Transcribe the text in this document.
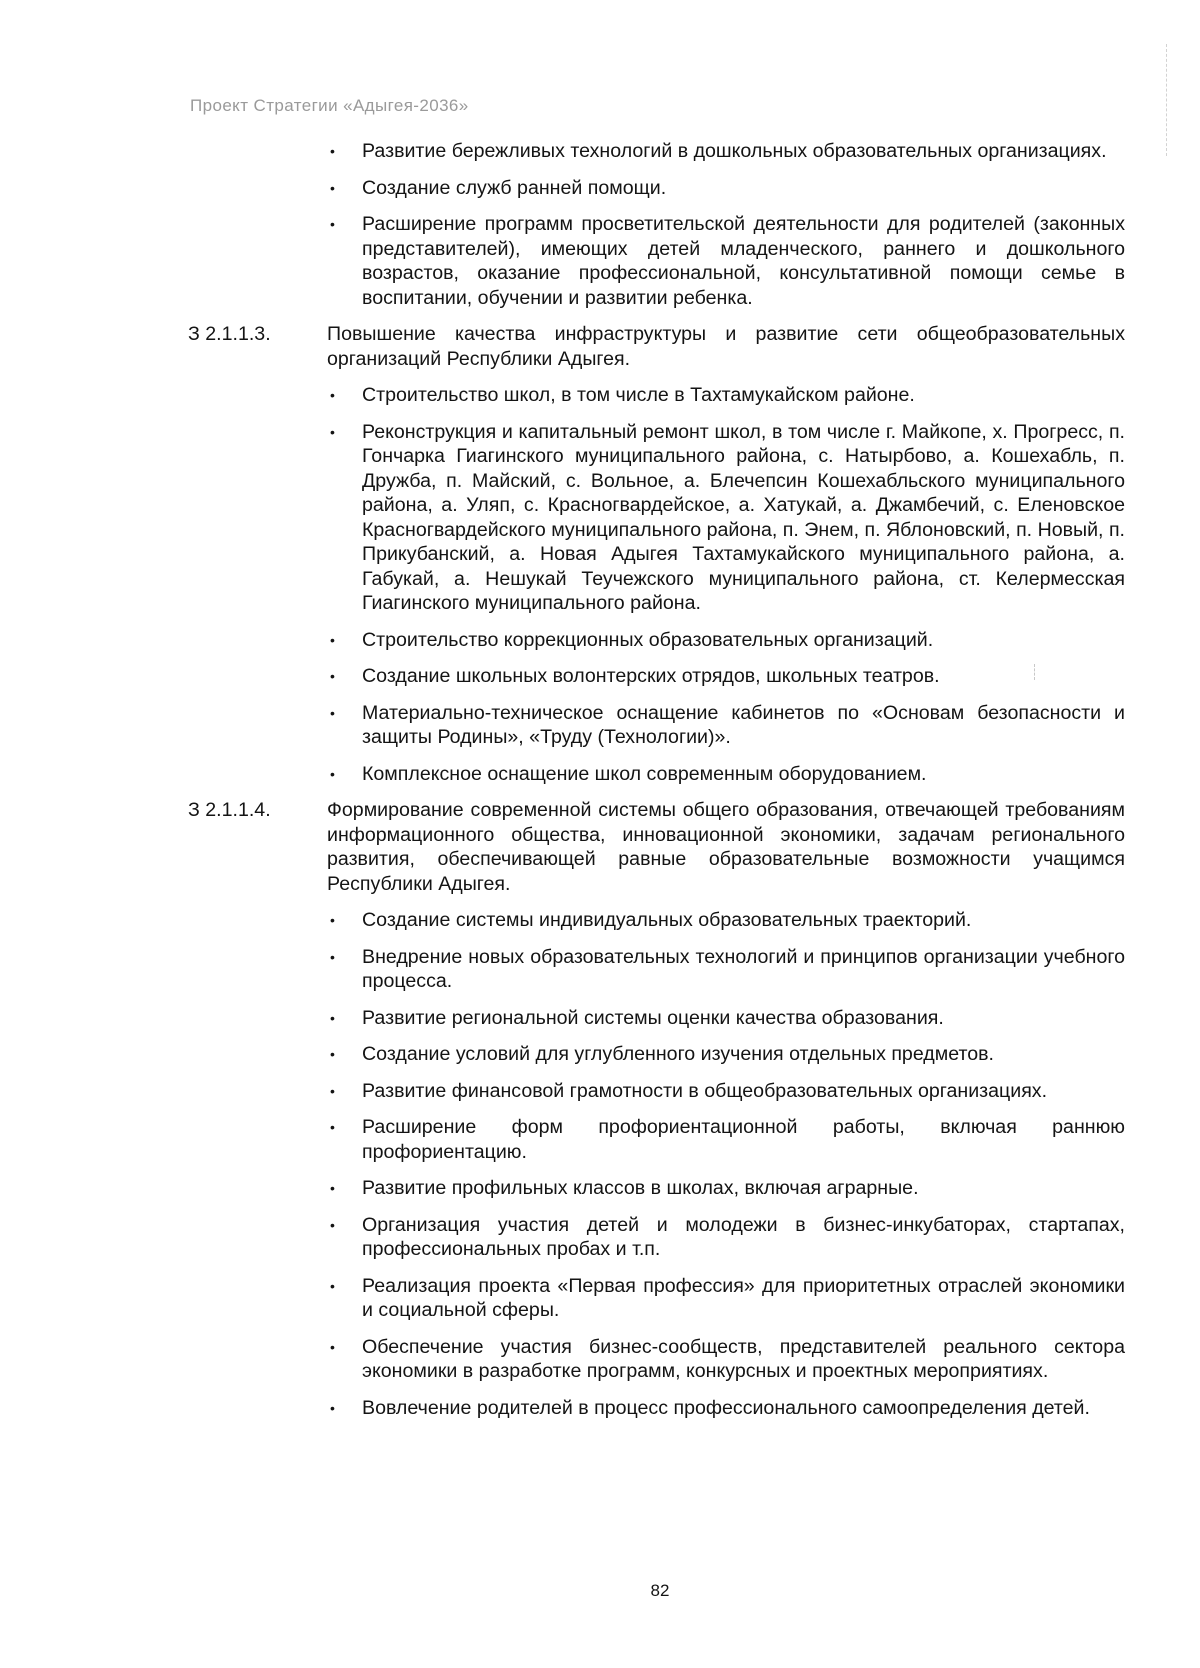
Проект Стратегии «Адыгея-2036»
•	Развитие бережливых технологий в дошкольных образовательных организациях.
•	Создание служб ранней помощи.
•	Расширение программ просветительской деятельности для родителей (законных представителей), имеющих детей младенческого, раннего и дошкольного возрастов, оказание профессиональной, консультативной помощи семье в воспитании, обучении и развитии ребенка.
З 2.1.1.3.	Повышение качества инфраструктуры и развитие сети общеобразовательных организаций Республики Адыгея.
•	Строительство школ, в том числе в Тахтамукайском районе.
•	Реконструкция и капитальный ремонт школ, в том числе г. Майкопе, х. Прогресс, п. Гончарка Гиагинского муниципального района, с. Натырбово, а. Кошехабль, п. Дружба, п. Майский, с. Вольное, а. Блечепсин Кошехабльского муниципального района, а. Уляп, с. Красногвардейское, а. Хатукай, а. Джамбечий, с. Еленовское Красногвардейского муниципального района, п. Энем, п. Яблоновский, п. Новый, п. Прикубанский, а. Новая Адыгея Тахтамукайского муниципального района, а. Габукай, а. Нешукай Теучежского муниципального района, ст. Келермесская Гиагинского муниципального района.
•	Строительство коррекционных образовательных организаций.
•	Создание школьных волонтерских отрядов, школьных театров.
•	Материально-техническое оснащение кабинетов по «Основам безопасности и защиты Родины», «Труду (Технологии)».
•	Комплексное оснащение школ современным оборудованием.
З 2.1.1.4.	Формирование современной системы общего образования, отвечающей требованиям информационного общества, инновационной экономики, задачам регионального развития, обеспечивающей равные образовательные возможности учащимся Республики Адыгея.
•	Создание системы индивидуальных образовательных траекторий.
•	Внедрение новых образовательных технологий и принципов организации учебного процесса.
•	Развитие региональной системы оценки качества образования.
•	Создание условий для углубленного изучения отдельных предметов.
•	Развитие финансовой грамотности в общеобразовательных организациях.
•	Расширение форм профориентационной работы, включая раннюю профориентацию.
•	Развитие профильных классов в школах, включая аграрные.
•	Организация участия детей и молодежи в бизнес-инкубаторах, стартапах, профессиональных пробах и т.п.
•	Реализация проекта «Первая профессия» для приоритетных отраслей экономики и социальной сферы.
•	Обеспечение участия бизнес-сообществ, представителей реального сектора экономики в разработке программ, конкурсных и проектных мероприятиях.
•	Вовлечение родителей в процесс профессионального самоопределения детей.
82
